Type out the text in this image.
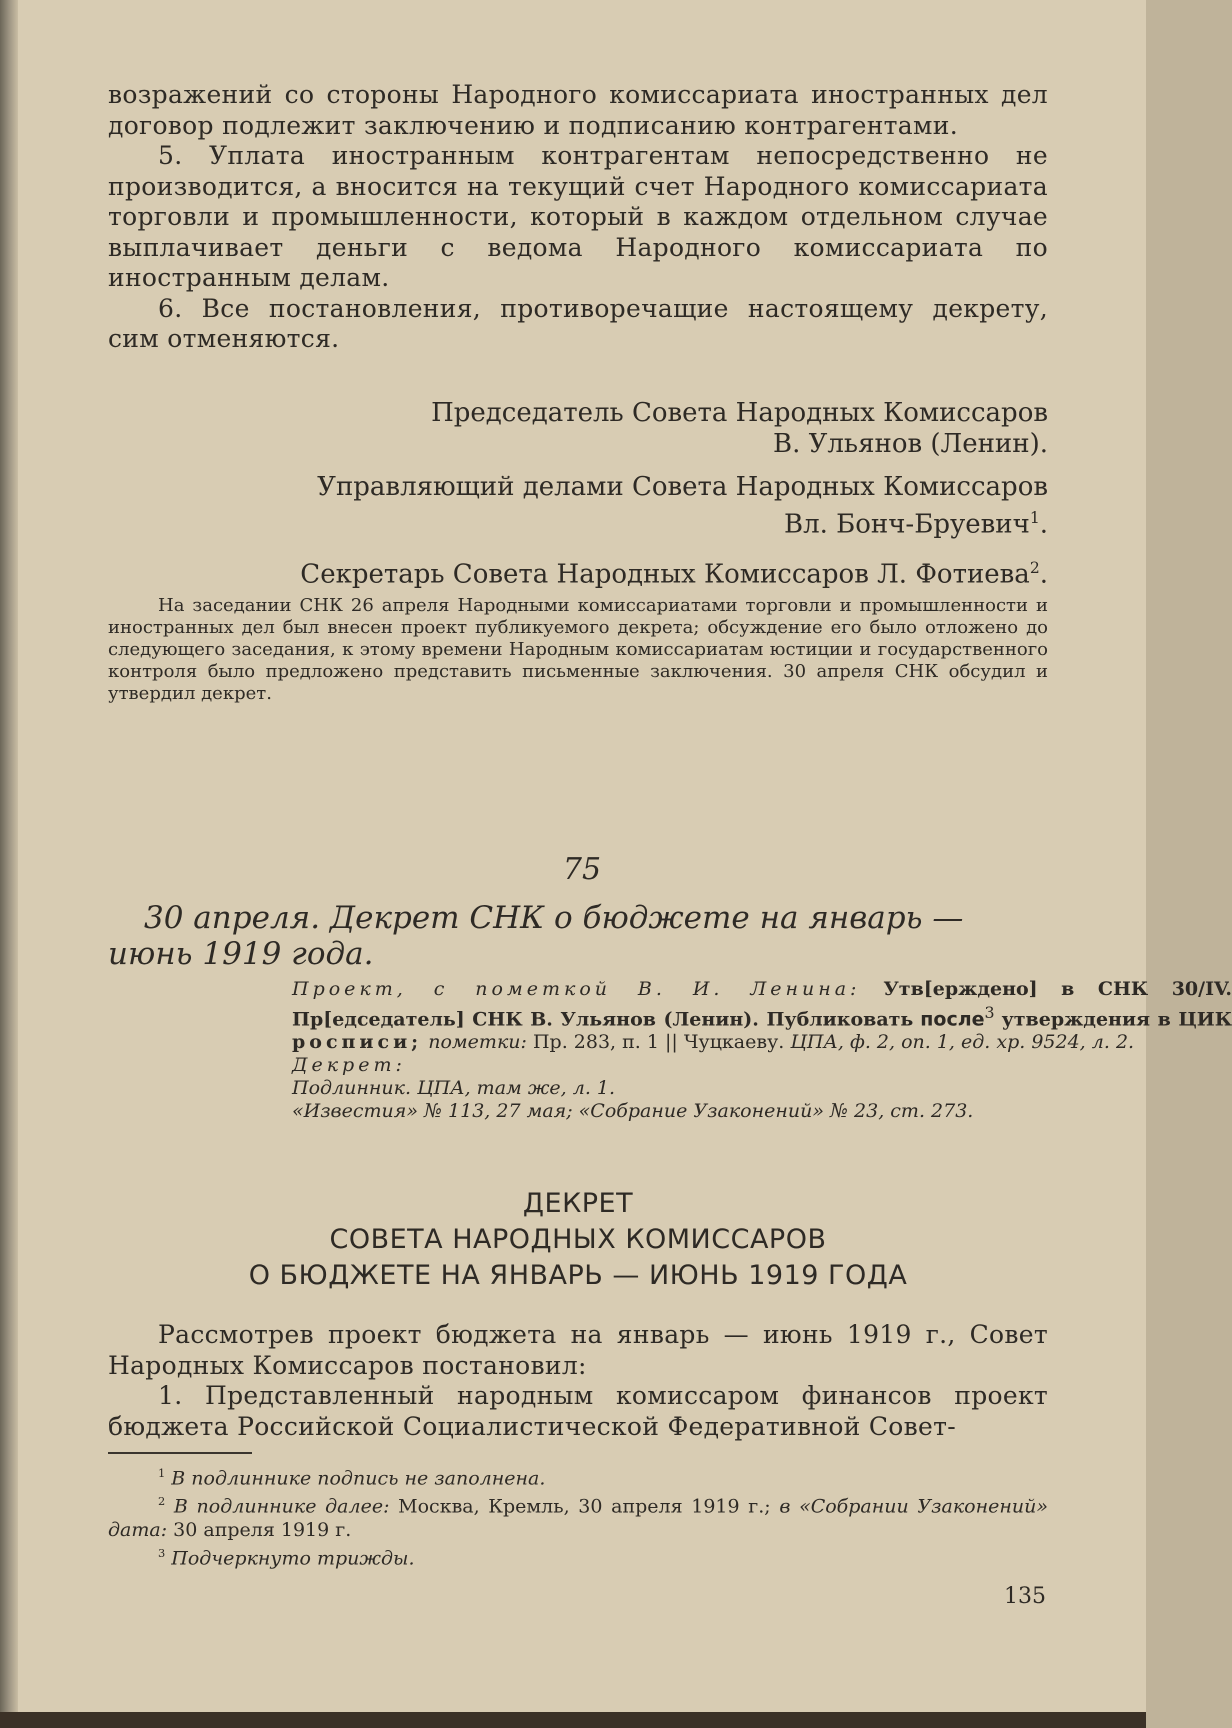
возражений со стороны Народного комиссариата иностранных дел договор подлежит заключению и подписанию контрагентами.

5. Уплата иностранным контрагентам непосредственно не производится, а вносится на текущий счет Народного комиссариата торговли и промышленности, который в каждом отдельном случае выплачивает деньги с ведома Народного комиссариата по иностранным делам.

6. Все постановления, противоречащие настоящему декрету, сим отменяются.

Председатель Совета Народных Комиссаров

В. Ульянов (Ленин).

Управляющий делами Совета Народных Комиссаров

Вл. Бонч-Бруевич$^1$.

Секретарь Совета Народных Комиссаров Л. Фотиева$^2$.

На заседании СНК 26 апреля Народными комиссариатами торговли и промышленности и иностранных дел был внесен проект публикуемого декрета; обсуждение его было отложено до следующего заседания, к этому времени Народным комиссариатам юстиции и государственного контроля было предложено представить письменные заключения. 30 апреля СНК обсудил и утвердил декрет.

75

30 апреля. Декрет СНК о бюджете на январь — июнь 1919 года.

Проект, с пометкой В. И. Ленина: Утв[ерждено] в СНК 30/IV. Пр[едседатель] СНК В. Ульянов (Ленин). Публиковать после$^3$ утверждения в ЦИК росписи; пометки: Пр. 283, п. 1 || Чуцкаеву. ЦПА, ф. 2, оп. 1, ед. хр. 9524, л. 2.

Декрет:

Подлинник. ЦПА, там же, л. 1.

«Известия» № 113, 27 мая; «Собрание Узаконений» № 23, ст. 273.

ДЕКРЕТ
СОВЕТА НАРОДНЫХ КОМИССАРОВ
О БЮДЖЕТЕ НА ЯНВАРЬ — ИЮНЬ 1919 ГОДА

Рассмотрев проект бюджета на январь — июнь 1919 г., Совет Народных Комиссаров постановил:

1. Представленный народным комиссаром финансов проект бюджета Российской Социалистической Федеративной Совет-

$^1$ В подлиннике подпись не заполнена.

$^2$ В подлиннике далее: Москва, Кремль, 30 апреля 1919 г.; в «Собрании Узаконений» дата: 30 апреля 1919 г.

$^3$ Подчеркнуто трижды.

135
